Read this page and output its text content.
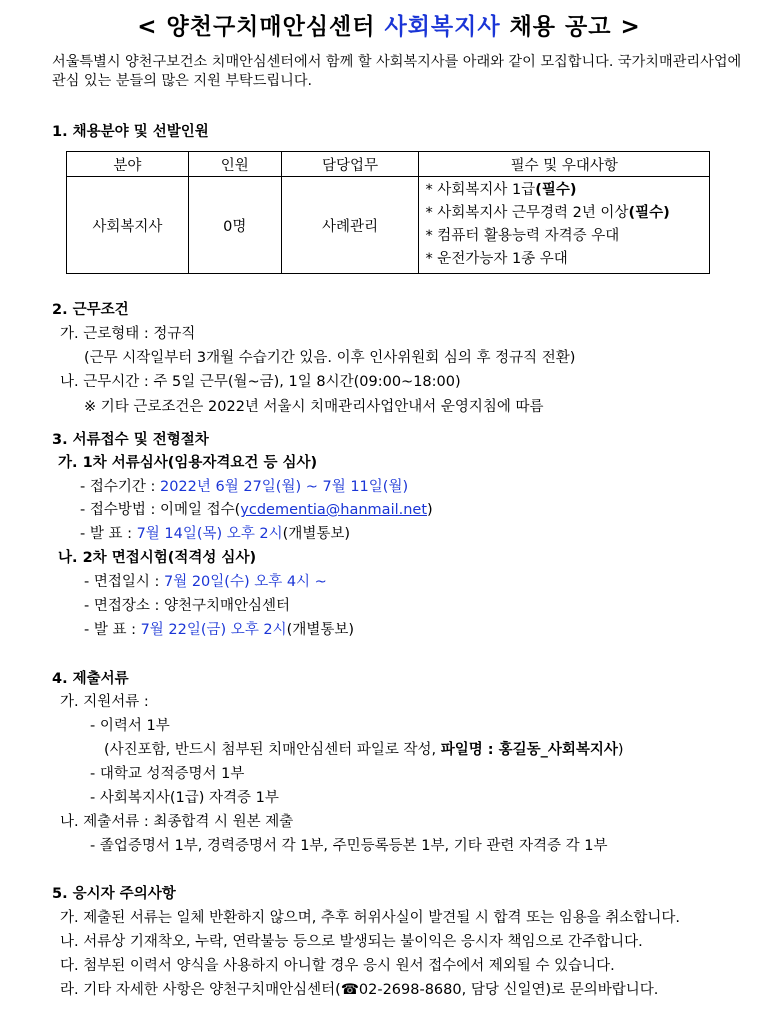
< 양천구치매안심센터 사회복지사 채용 공고 >
서울특별시 양천구보건소 치매안심센터에서 함께 할 사회복지사를 아래와 같이 모집합니다. 국가치매관리사업에 관심 있는 분들의 많은 지원 부탁드립니다.
1. 채용분야 및 선발인원
분야	인원	담당업무	필수 및 우대사항
사회복지사	0명	사례관리	* 사회복지사 1급(필수)
* 사회복지사 근무경력 2년 이상(필수)
* 컴퓨터 활용능력 자격증 우대
* 운전가능자 1종 우대
2. 근무조건
가. 근로형태 : 정규직
(근무 시작일부터 3개월 수습기간 있음. 이후 인사위원회 심의 후 정규직 전환)
나. 근무시간 : 주 5일 근무(월~금), 1일 8시간(09:00~18:00)
※ 기타 근로조건은 2022년 서울시 치매관리사업안내서 운영지침에 따름
3. 서류접수 및 전형절차
가. 1차 서류심사(임용자격요건 등 심사)
- 접수기간 : 2022년 6월 27일(월) ~ 7월 11일(월)
- 접수방법 : 이메일 접수(ycdementia@hanmail.net)
- 발 표 : 7월 14일(목) 오후 2시(개별통보)
나. 2차 면접시험(적격성 심사)
- 면접일시 : 7월 20일(수) 오후 4시 ~
- 면접장소 : 양천구치매안심센터
- 발 표 : 7월 22일(금) 오후 2시(개별통보)
4. 제출서류
가. 지원서류 :
- 이력서 1부
(사진포함, 반드시 첨부된 치매안심센터 파일로 작성, 파일명 : 홍길동_사회복지사)
- 대학교 성적증명서 1부
- 사회복지사(1급) 자격증 1부
나. 제출서류 : 최종합격 시 원본 제출
- 졸업증명서 1부, 경력증명서 각 1부, 주민등록등본 1부, 기타 관련 자격증 각 1부
5. 응시자 주의사항
가. 제출된 서류는 일체 반환하지 않으며, 추후 허위사실이 발견될 시 합격 또는 임용을 취소합니다.
나. 서류상 기재착오, 누락, 연락불능 등으로 발생되는 불이익은 응시자 책임으로 간주합니다.
다. 첨부된 이력서 양식을 사용하지 아니할 경우 응시 원서 접수에서 제외될 수 있습니다.
라. 기타 자세한 사항은 양천구치매안심센터(☎02-2698-8680, 담당 신일연)로 문의바랍니다.
